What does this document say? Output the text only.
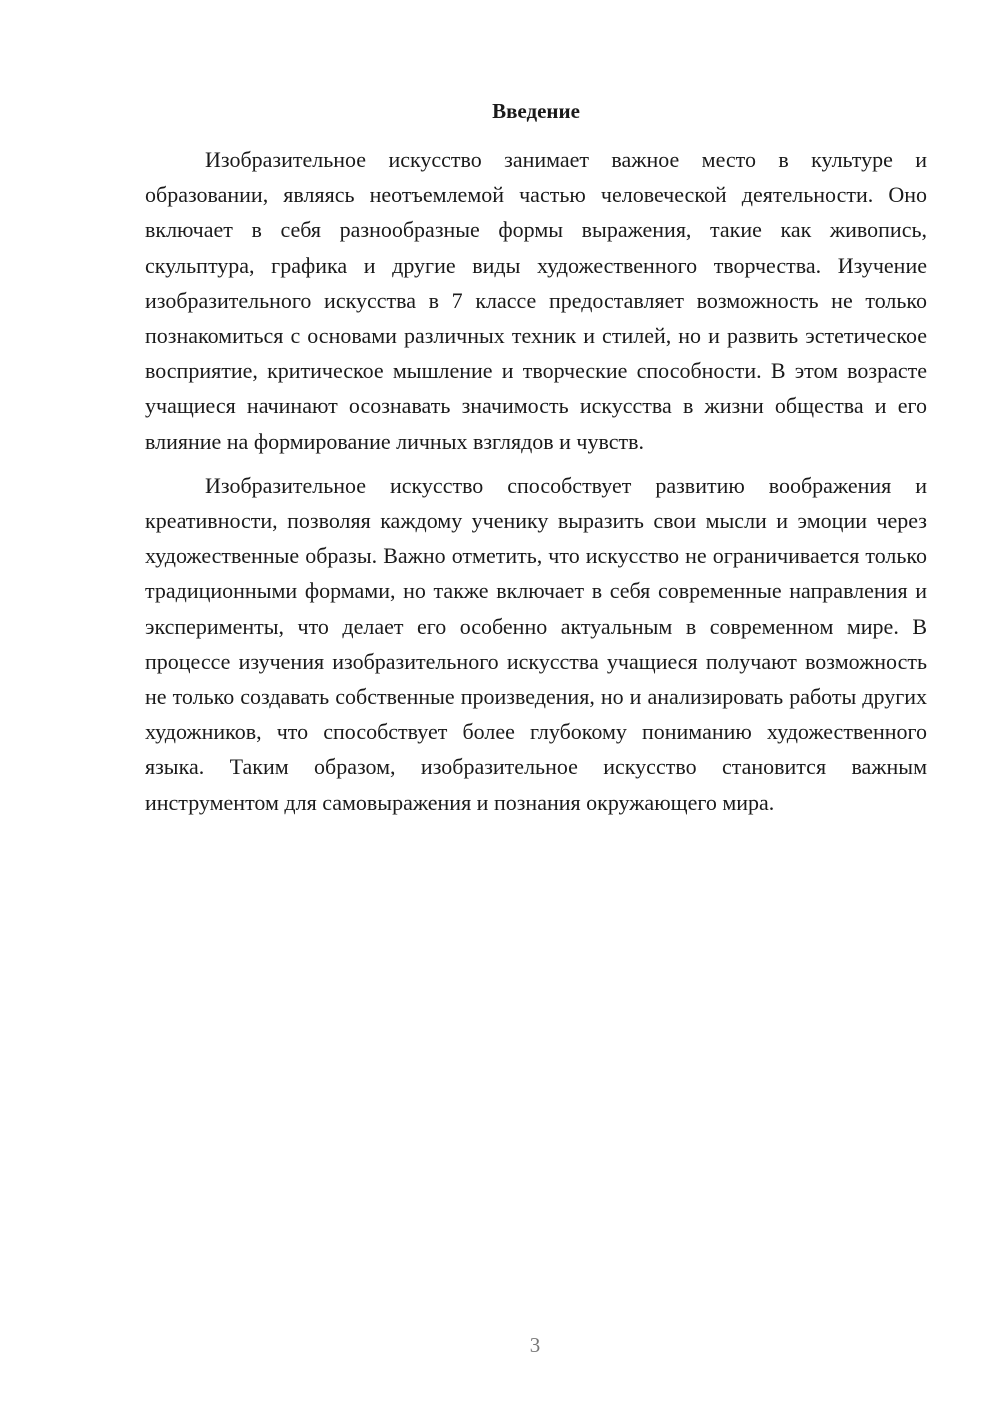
Введение

Изобразительное искусство занимает важное место в культуре и образовании, являясь неотъемлемой частью человеческой деятельности. Оно включает в себя разнообразные формы выражения, такие как живопись, скульптура, графика и другие виды художественного творчества. Изучение изобразительного искусства в 7 классе предоставляет возможность не только познакомиться с основами различных техник и стилей, но и развить эстетическое восприятие, критическое мышление и творческие способности. В этом возрасте учащиеся начинают осознавать значимость искусства в жизни общества и его влияние на формирование личных взглядов и чувств.

Изобразительное искусство способствует развитию воображения и креативности, позволяя каждому ученику выразить свои мысли и эмоции через художественные образы. Важно отметить, что искусство не ограничивается только традиционными формами, но также включает в себя современные направления и эксперименты, что делает его особенно актуальным в современном мире. В процессе изучения изобразительного искусства учащиеся получают возможность не только создавать собственные произведения, но и анализировать работы других художников, что способствует более глубокому пониманию художественного языка. Таким образом, изобразительное искусство становится важным инструментом для самовыражения и познания окружающего мира.

3
